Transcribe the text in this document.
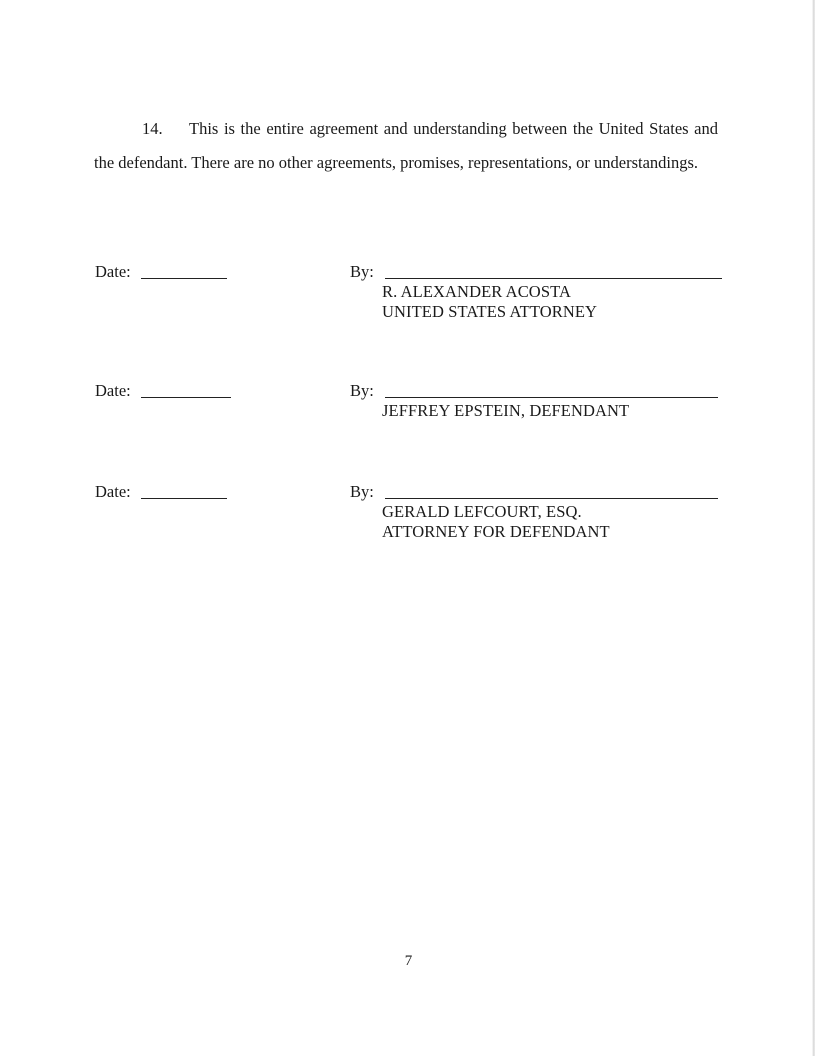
14. This is the entire agreement and understanding between the United States and the defendant. There are no other agreements, promises, representations, or understandings.

Date:	By:
R. ALEXANDER ACOSTA
UNITED STATES ATTORNEY
Date:	By:
JEFFREY EPSTEIN, DEFENDANT
Date:	By:
GERALD LEFCOURT, ESQ.
ATTORNEY FOR DEFENDANT
7
